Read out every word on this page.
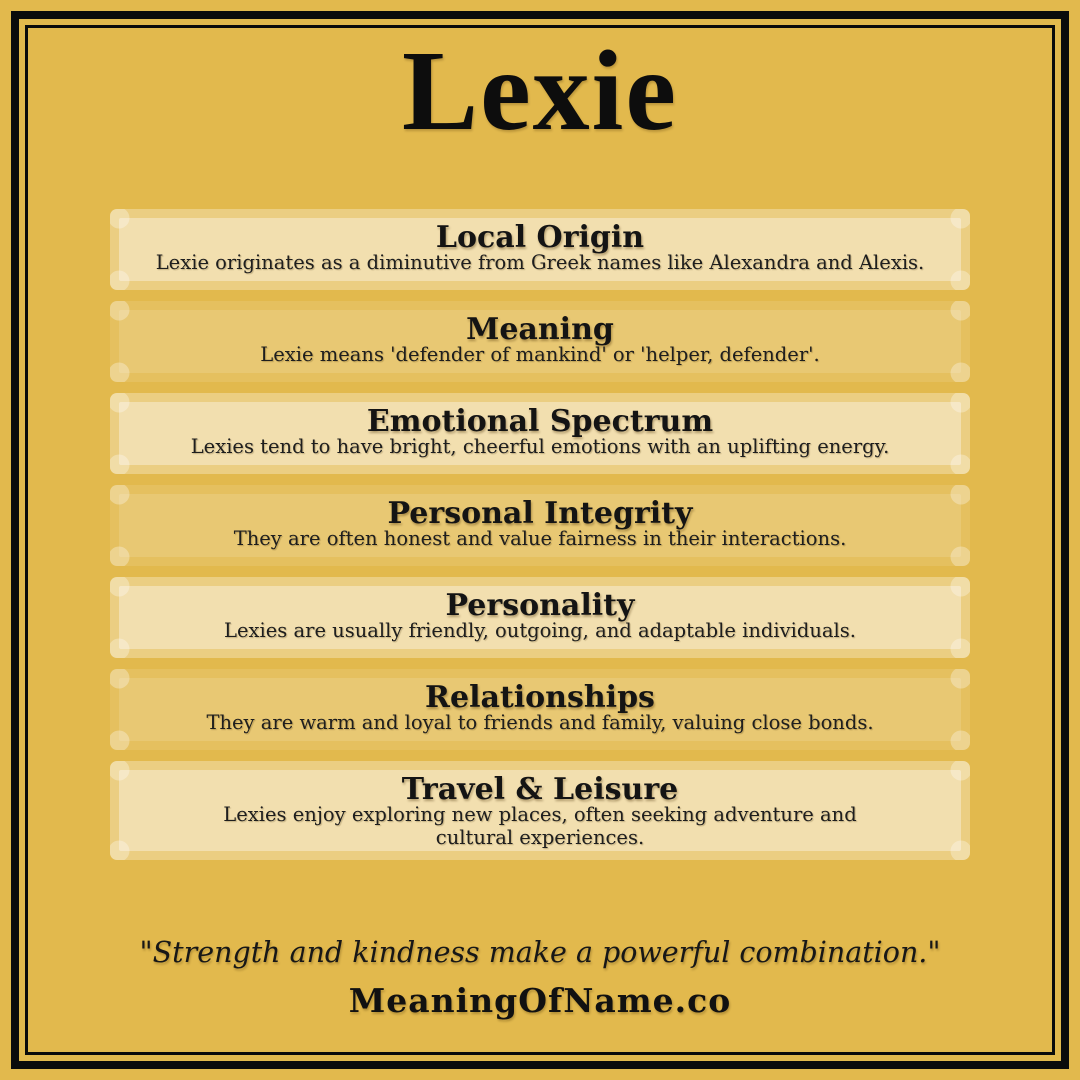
Lexie
Local Origin

Lexie originates as a diminutive from Greek names like Alexandra and Alexis.

Meaning

Lexie means 'defender of mankind' or 'helper, defender'.

Emotional Spectrum

Lexies tend to have bright, cheerful emotions with an uplifting energy.

Personal Integrity

They are often honest and value fairness in their interactions.

Personality

Lexies are usually friendly, outgoing, and adaptable individuals.

Relationships

They are warm and loyal to friends and family, valuing close bonds.

Travel & Leisure

Lexies enjoy exploring new places, often seeking adventure and cultural experiences.

"Strength and kindness make a powerful combination."

MeaningOfName.co
